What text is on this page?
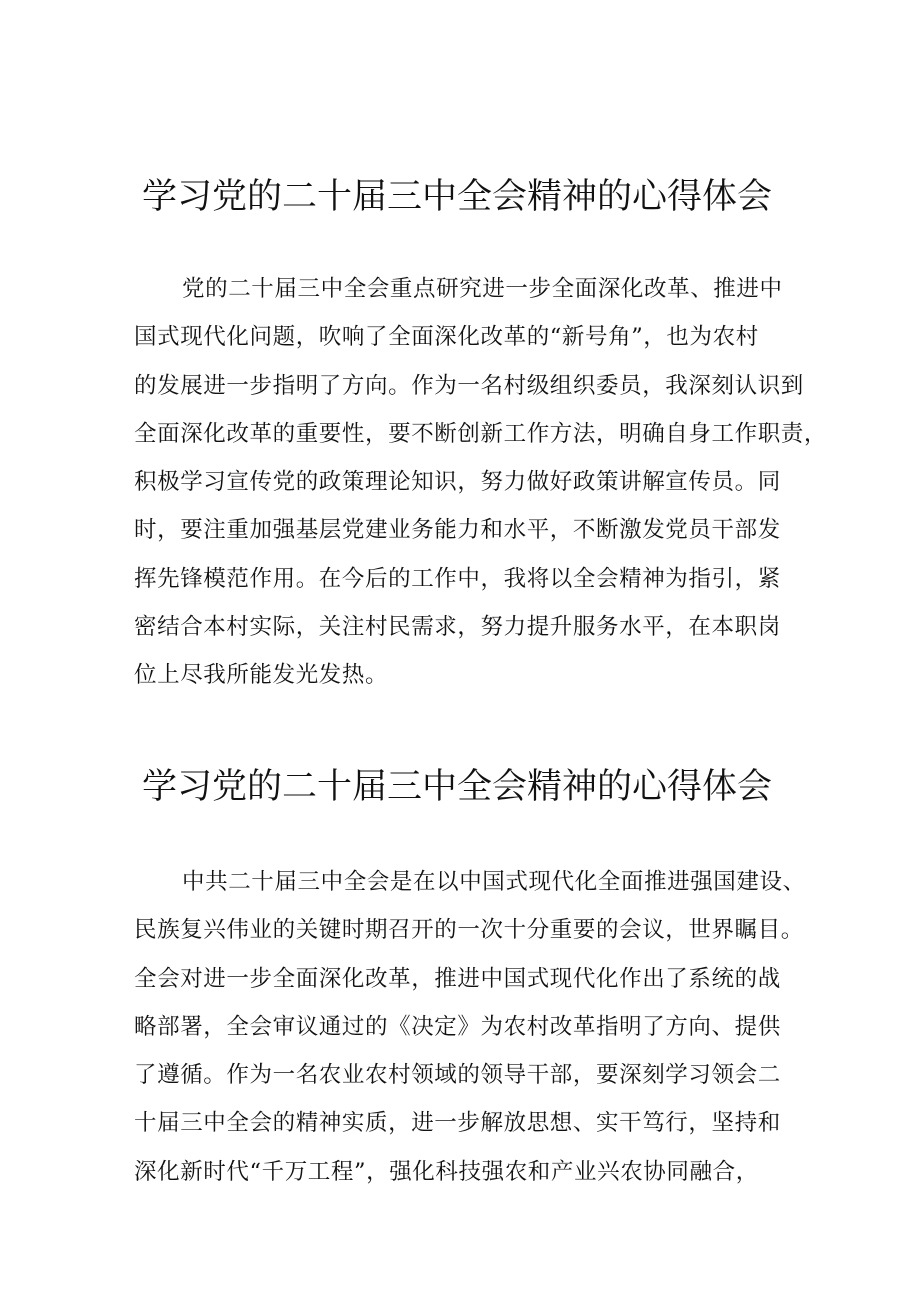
学习党的二十届三中全会精神的心得体会
党的二十届三中全会重点研究进一步全面深化改革、推进中
国式现代化问题，吹响了全面深化改革的“新号角”，也为农村
的发展进一步指明了方向。作为一名村级组织委员，我深刻认识到
全面深化改革的重要性，要不断创新工作方法，明确自身工作职责，
积极学习宣传党的政策理论知识，努力做好政策讲解宣传员。同
时，要注重加强基层党建业务能力和水平，不断激发党员干部发
挥先锋模范作用。在今后的工作中，我将以全会精神为指引，紧
密结合本村实际，关注村民需求，努力提升服务水平，在本职岗
位上尽我所能发光发热。
学习党的二十届三中全会精神的心得体会
中共二十届三中全会是在以中国式现代化全面推进强国建设、
民族复兴伟业的关键时期召开的一次十分重要的会议，世界瞩目。
全会对进一步全面深化改革，推进中国式现代化作出了系统的战
略部署，全会审议通过的《决定》为农村改革指明了方向、提供
了遵循。作为一名农业农村领域的领导干部，要深刻学习领会二
十届三中全会的精神实质，进一步解放思想、实干笃行，坚持和
深化新时代“千万工程”，强化科技强农和产业兴农协同融合，
